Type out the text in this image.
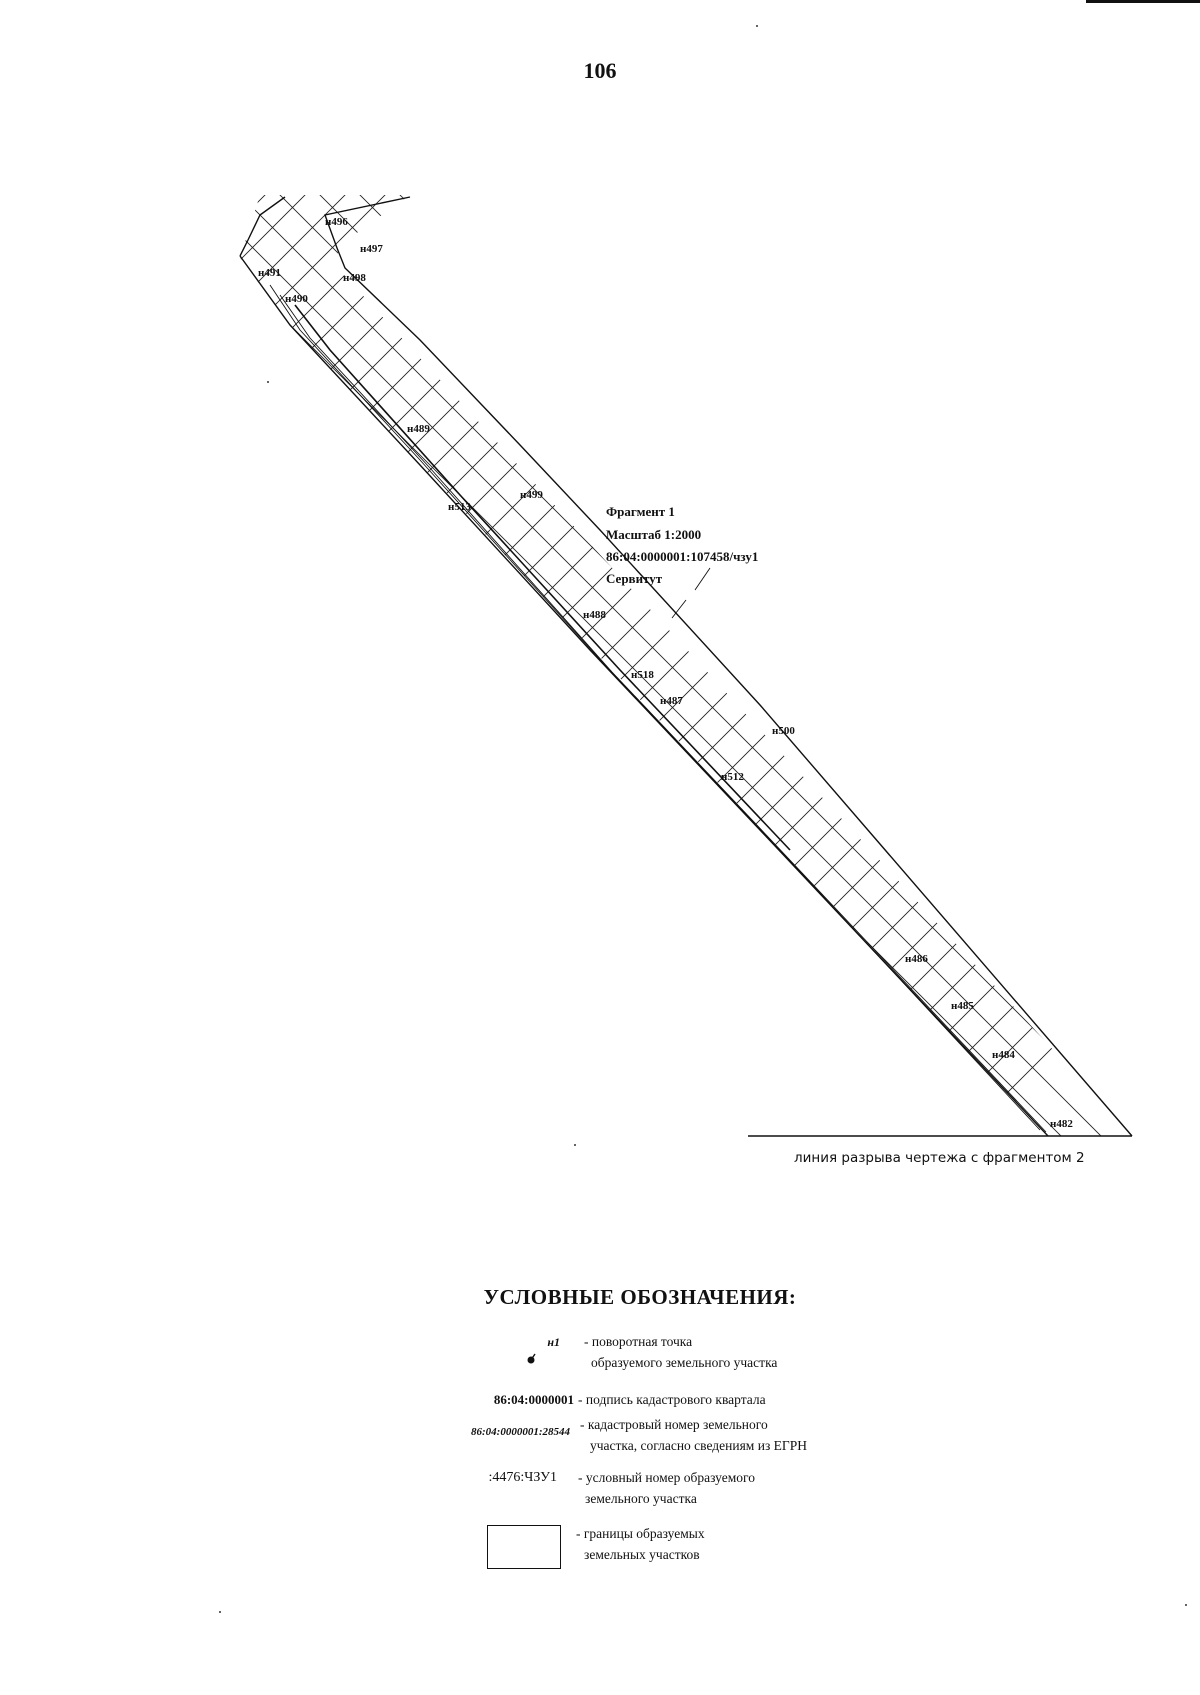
106
н496
н497
н498
н491
н490
н489
н499
н513
н488
н518
н487
н500
н512
н486
н485
н484
н482
Фрагмент 1
Масштаб 1:2000
86:04:0000001:107458/чзу1
Сервитут
линия разрыва чертежа с фрагментом 2
УСЛОВНЫЕ ОБОЗНАЧЕНИЯ:
н1 - поворотная точка
образуемого земельного участка
86:04:0000001 - подпись кадастрового квартала
86:04:0000001:28544 - кадастровый номер земельного
участка, согласно сведениям из ЕГРН
:4476:ЧЗУ1 - условный номер образуемого
земельного участка
- границы образуемых
земельных участков
